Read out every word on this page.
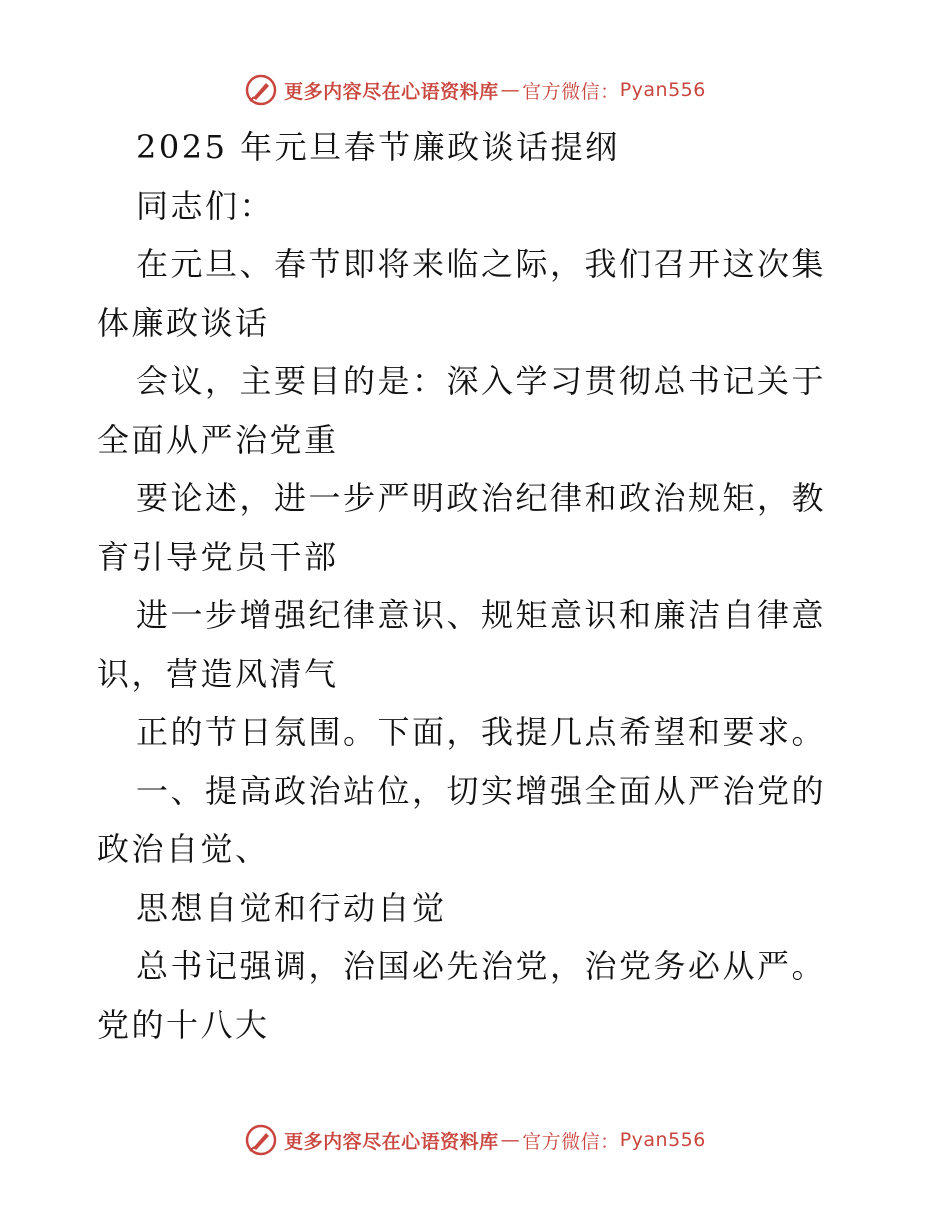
更多内容尽在心语资料库 — 官方微信： Pyan556

2025 年元旦春节廉政谈话提纲

同志们：

在元旦、春节即将来临之际，我们召开这次集体廉政谈话

会议，主要目的是：深入学习贯彻总书记关于全面从严治党重

要论述，进一步严明政治纪律和政治规矩，教育引导党员干部

进一步增强纪律意识、规矩意识和廉洁自律意识，营造风清气

正的节日氛围。下面，我提几点希望和要求。

一、提高政治站位，切实增强全面从严治党的政治自觉、

思想自觉和行动自觉

总书记强调，治国必先治党，治党务必从严。党的十八大

更多内容尽在心语资料库 — 官方微信： Pyan556
